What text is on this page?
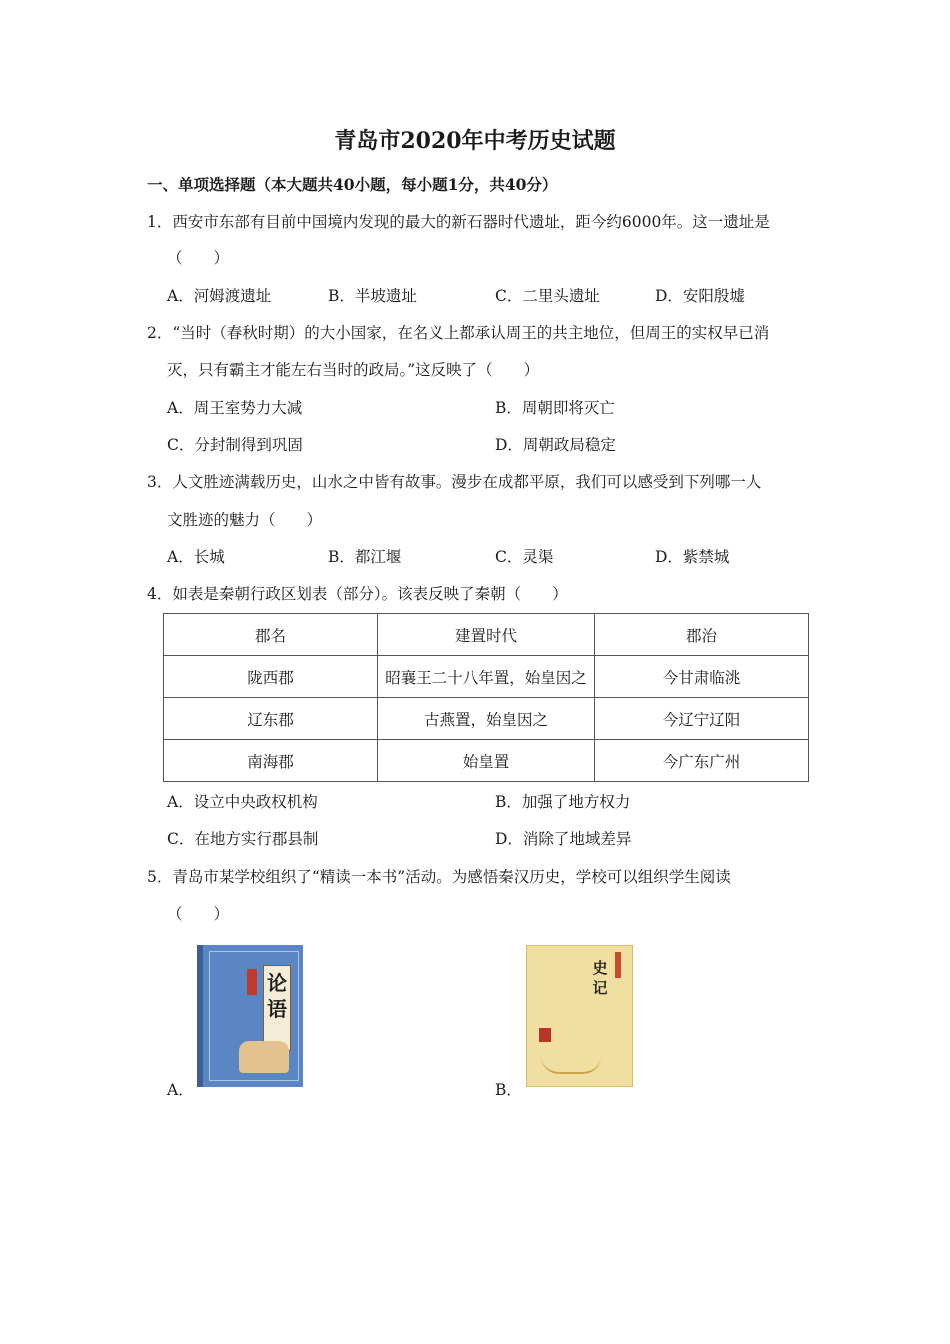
青岛市2020年中考历史试题
一、单项选择题（本大题共40小题，每小题1分，共40分）
1．西安市东部有目前中国境内发现的最大的新石器时代遗址，距今约6000年。这一遗址是
（　　）
A．河姆渡遗址	B．半坡遗址	C．二里头遗址	D．安阳殷墟
2．“当时（春秋时期）的大小国家，在名义上都承认周王的共主地位，但周王的实权早已消
灭，只有霸主才能左右当时的政局。”这反映了（　　）
A．周王室势力大减	B．周朝即将灭亡
C．分封制得到巩固	D．周朝政局稳定
3．人文胜迹满载历史，山水之中皆有故事。漫步在成都平原，我们可以感受到下列哪一人
文胜迹的魅力（　　）
A．长城	B．都江堰	C．灵渠	D．紫禁城
4．如表是秦朝行政区划表（部分）。该表反映了秦朝（　　）
郡名	建置时代	郡治
陇西郡	昭襄王二十八年置，始皇因之	今甘肃临洮
辽东郡	古燕置，始皇因之	今辽宁辽阳
南海郡	始皇置	今广东广州
A．设立中央政权机构	B．加强了地方权力
C．在地方实行郡县制	D．消除了地域差异
5．青岛市某学校组织了“精读一本书”活动。为感悟秦汉历史，学校可以组织学生阅读
（　　）
论语
A．
史记
B．
